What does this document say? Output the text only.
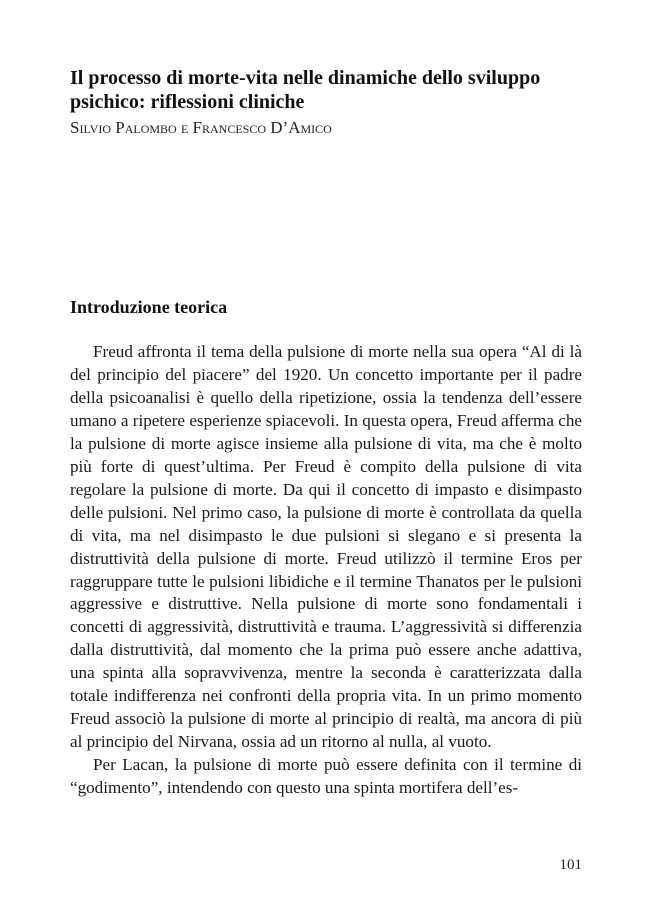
Il processo di morte-vita nelle dinamiche dello sviluppo psichico: riflessioni cliniche
Silvio Palombo e Francesco D’Amico
Introduzione teorica

Freud affronta il tema della pulsione di morte nella sua opera “Al di là del principio del piacere” del 1920. Un concetto importante per il padre della psicoanalisi è quello della ripetizione, ossia la tendenza dell’essere umano a ripetere esperienze spiacevoli. In questa opera, Freud afferma che la pulsione di morte agisce insieme alla pulsione di vita, ma che è molto più forte di quest’ultima. Per Freud è compito della pulsione di vita regolare la pulsione di morte. Da qui il concetto di impasto e disimpasto delle pulsioni. Nel primo caso, la pulsione di morte è controllata da quella di vita, ma nel disimpasto le due pulsioni si slegano e si presenta la distruttività della pulsione di morte. Freud utilizzò il termine Eros per raggruppare tutte le pulsioni libidiche e il termine Thanatos per le pulsioni aggressive e distruttive. Nella pulsione di morte sono fondamentali i concetti di aggressività, distruttività e trauma. L’aggressività si differenzia dalla distruttività, dal momento che la prima può essere anche adattiva, una spinta alla sopravvivenza, mentre la seconda è caratterizzata dalla totale indifferenza nei confronti della propria vita. In un primo momento Freud associò la pulsione di morte al principio di realtà, ma ancora di più al principio del Nirvana, ossia ad un ritorno al nulla, al vuoto.

Per Lacan, la pulsione di morte può essere definita con il termine di “godimento”, intendendo con questo una spinta mortifera dell’es-

101
